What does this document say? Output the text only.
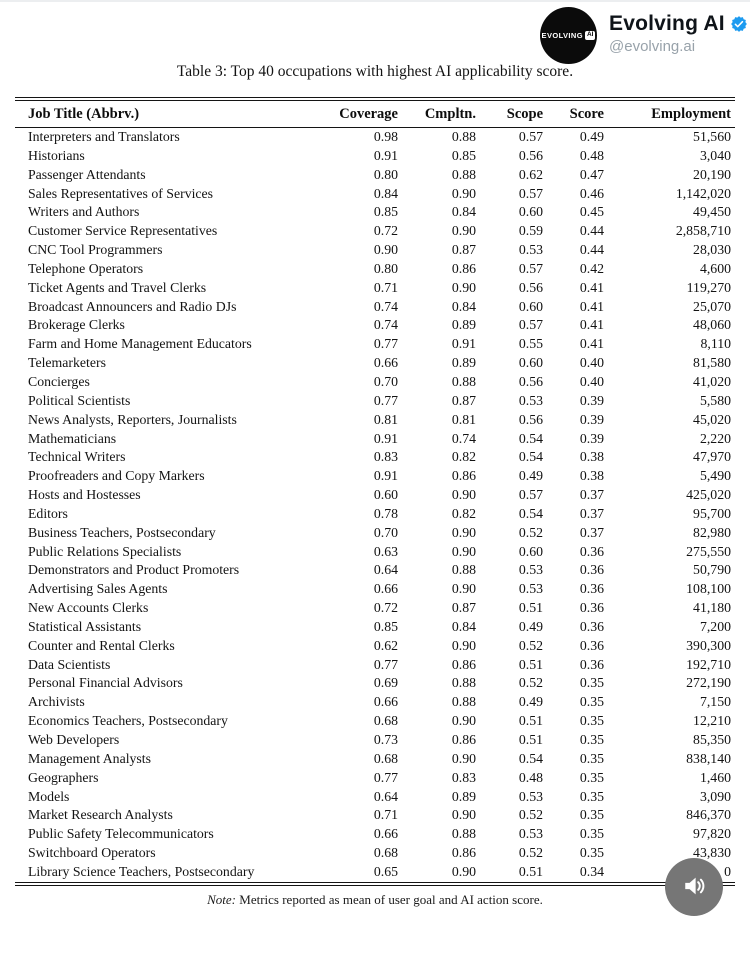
EVOLVING AI Evolving AI
@evolving.ai
Table 3: Top 40 occupations with highest AI applicability score.
Job Title (Abbrv.)	Coverage	Cmpltn.	Scope	Score	Employment
Interpreters and Translators	0.98	0.88	0.57	0.49	51,560
Historians	0.91	0.85	0.56	0.48	3,040
Passenger Attendants	0.80	0.88	0.62	0.47	20,190
Sales Representatives of Services	0.84	0.90	0.57	0.46	1,142,020
Writers and Authors	0.85	0.84	0.60	0.45	49,450
Customer Service Representatives	0.72	0.90	0.59	0.44	2,858,710
CNC Tool Programmers	0.90	0.87	0.53	0.44	28,030
Telephone Operators	0.80	0.86	0.57	0.42	4,600
Ticket Agents and Travel Clerks	0.71	0.90	0.56	0.41	119,270
Broadcast Announcers and Radio DJs	0.74	0.84	0.60	0.41	25,070
Brokerage Clerks	0.74	0.89	0.57	0.41	48,060
Farm and Home Management Educators	0.77	0.91	0.55	0.41	8,110
Telemarketers	0.66	0.89	0.60	0.40	81,580
Concierges	0.70	0.88	0.56	0.40	41,020
Political Scientists	0.77	0.87	0.53	0.39	5,580
News Analysts, Reporters, Journalists	0.81	0.81	0.56	0.39	45,020
Mathematicians	0.91	0.74	0.54	0.39	2,220
Technical Writers	0.83	0.82	0.54	0.38	47,970
Proofreaders and Copy Markers	0.91	0.86	0.49	0.38	5,490
Hosts and Hostesses	0.60	0.90	0.57	0.37	425,020
Editors	0.78	0.82	0.54	0.37	95,700
Business Teachers, Postsecondary	0.70	0.90	0.52	0.37	82,980
Public Relations Specialists	0.63	0.90	0.60	0.36	275,550
Demonstrators and Product Promoters	0.64	0.88	0.53	0.36	50,790
Advertising Sales Agents	0.66	0.90	0.53	0.36	108,100
New Accounts Clerks	0.72	0.87	0.51	0.36	41,180
Statistical Assistants	0.85	0.84	0.49	0.36	7,200
Counter and Rental Clerks	0.62	0.90	0.52	0.36	390,300
Data Scientists	0.77	0.86	0.51	0.36	192,710
Personal Financial Advisors	0.69	0.88	0.52	0.35	272,190
Archivists	0.66	0.88	0.49	0.35	7,150
Economics Teachers, Postsecondary	0.68	0.90	0.51	0.35	12,210
Web Developers	0.73	0.86	0.51	0.35	85,350
Management Analysts	0.68	0.90	0.54	0.35	838,140
Geographers	0.77	0.83	0.48	0.35	1,460
Models	0.64	0.89	0.53	0.35	3,090
Market Research Analysts	0.71	0.90	0.52	0.35	846,370
Public Safety Telecommunicators	0.66	0.88	0.53	0.35	97,820
Switchboard Operators	0.68	0.86	0.52	0.35	43,830
Library Science Teachers, Postsecondary	0.65	0.90	0.51	0.34	0
Note: Metrics reported as mean of user goal and AI action score.
